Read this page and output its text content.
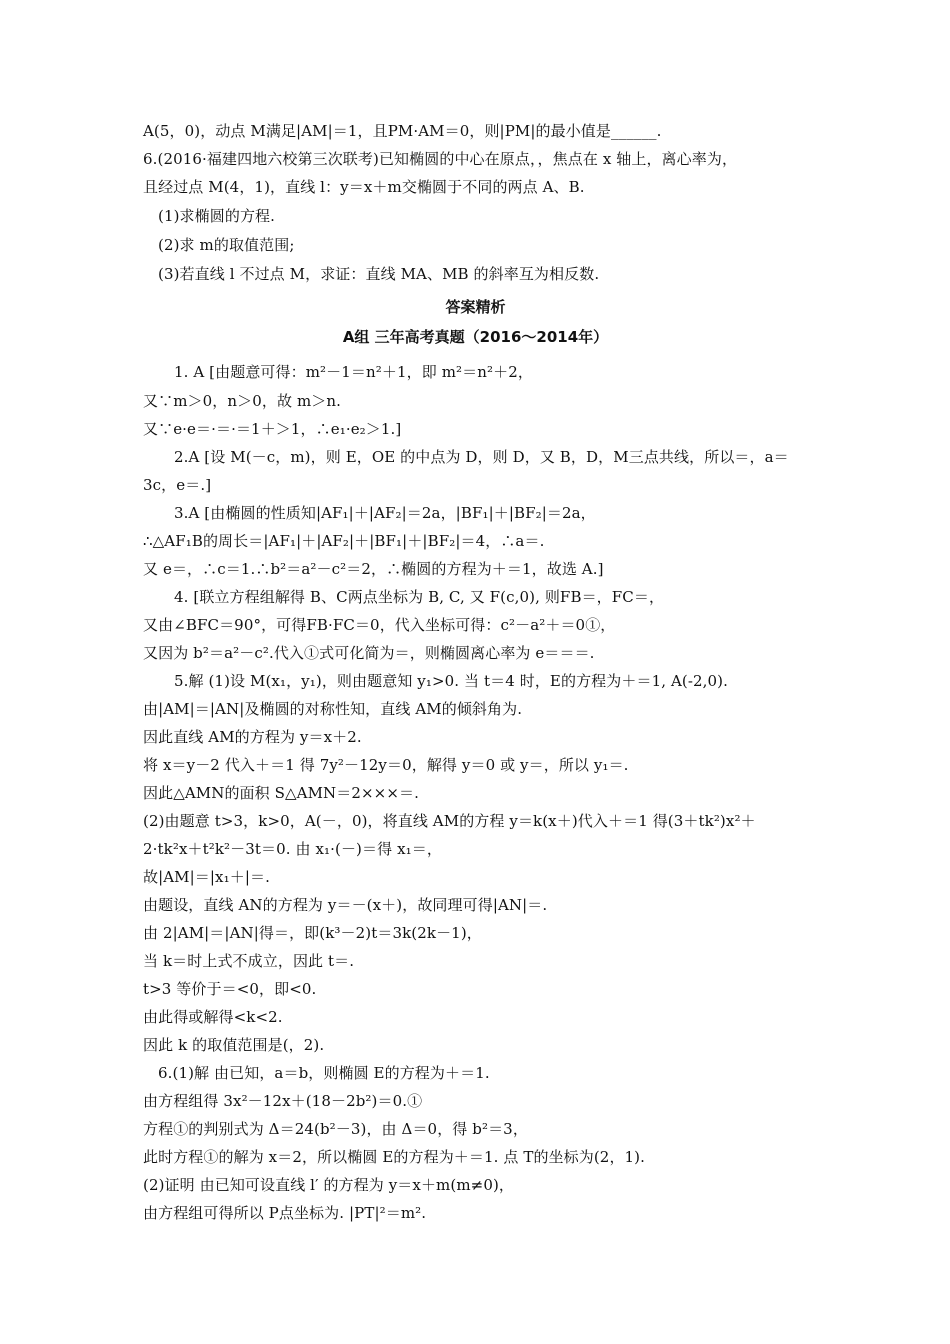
A(5，0)，动点 M满足|AM|＝1，且PM·AM＝0，则|PM|的最小值是______.
6.(2016·福建四地六校第三次联考)已知椭圆的中心在原点，，焦点在 x 轴上，离心率为，
且经过点 M(4，1)，直线 l：y＝x＋m交椭圆于不同的两点 A、B.
(1)求椭圆的方程.
(2)求 m的取值范围;
(3)若直线 l 不过点 M，求证：直线 MA、MB 的斜率互为相反数.
答案精析
A组 三年高考真题（2016～2014年）
1. A [由题意可得：m²－1＝n²＋1，即 m²＝n²＋2，
又∵m＞0，n＞0，故 m＞n.
又∵e·e＝·＝·＝1＋＞1，∴e₁·e₂＞1.]
2.A [设 M(－c，m)，则 E，OE 的中点为 D，则 D，又 B，D，M三点共线，所以＝，a＝
3c，e＝.]
3.A [由椭圆的性质知|AF₁|＋|AF₂|＝2a，|BF₁|＋|BF₂|＝2a，
∴△AF₁B的周长＝|AF₁|＋|AF₂|＋|BF₁|＋|BF₂|＝4，∴a＝.
又 e＝，∴c＝1.∴b²＝a²－c²＝2，∴椭圆的方程为＋＝1，故选 A.]
4. [联立方程组解得 B、C两点坐标为 B, C, 又 F(c,0), 则FB＝，FC＝，
又由∠BFC＝90°，可得FB·FC＝0，代入坐标可得：c²－a²＋＝0①，
又因为 b²＝a²－c².代入①式可化简为＝，则椭圆离心率为 e＝＝＝.
5.解 (1)设 M(x₁，y₁)，则由题意知 y₁>0. 当 t＝4 时，E的方程为＋＝1, A(-2,0).
由|AM|＝|AN|及椭圆的对称性知，直线 AM的倾斜角为.
因此直线 AM的方程为 y＝x＋2.
将 x＝y－2 代入＋＝1 得 7y²－12y＝0，解得 y＝0 或 y＝，所以 y₁＝.
因此△AMN的面积 S△AMN＝2×××＝.
(2)由题意 t>3，k>0，A(－，0)，将直线 AM的方程 y＝k(x＋)代入＋＝1 得(3＋tk²)x²＋
2·tk²x＋t²k²－3t＝0. 由 x₁·(－)＝得 x₁＝，
故|AM|＝|x₁＋|＝.
由题设，直线 AN的方程为 y＝－(x＋)，故同理可得|AN|＝.
由 2|AM|＝|AN|得＝，即(k³－2)t＝3k(2k－1)，
当 k＝时上式不成立，因此 t＝.
t>3 等价于＝<0，即<0.
由此得或解得<k<2.
因此 k 的取值范围是(，2).
6.(1)解 由已知，a＝b，则椭圆 E的方程为＋＝1.
由方程组得 3x²－12x＋(18－2b²)＝0.①
方程①的判别式为 Δ＝24(b²－3)，由 Δ＝0，得 b²＝3，
此时方程①的解为 x＝2，所以椭圆 E的方程为＋＝1. 点 T的坐标为(2，1).
(2)证明 由已知可设直线 l′ 的方程为 y＝x＋m(m≠0)，
由方程组可得所以 P点坐标为. |PT|²＝m².
